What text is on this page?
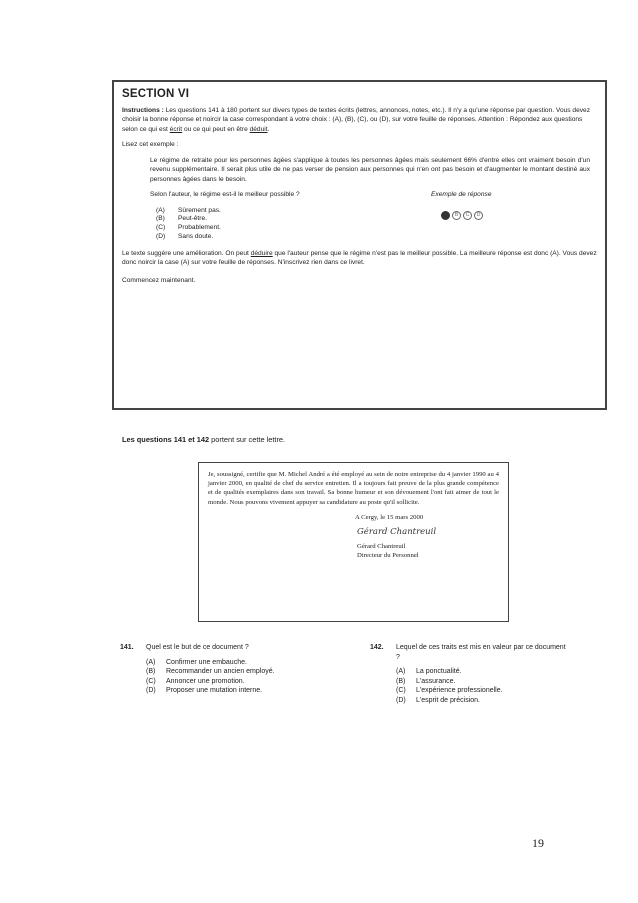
SECTION VI

Instructions : Les questions 141 à 180 portent sur divers types de textes écrits (lettres, annonces, notes, etc.). Il n'y a qu'une réponse par question. Vous devez choisir la bonne réponse et noircir la case correspondant à votre choix : (A), (B), (C), ou (D), sur votre feuille de réponses. Attention : Répondez aux questions selon ce qui est écrit ou ce qui peut en être déduit.

Lisez cet exemple :

Le régime de retraite pour les personnes âgées s'applique à toutes les personnes âgées mais seulement 66% d'entre elles ont vraiment besoin d'un revenu supplémentaire. Il serait plus utile de ne pas verser de pension aux personnes qui n'en ont pas besoin et d'augmenter le montant destiné aux personnes âgées dans le besoin.
Selon l'auteur, le régime est-il le meilleur possible ?	Exemple de réponse
(A)	Sûrement pas.
(B)	Peut-être.
(C)	Probablement.
(D)	Sans doute.
B	C	D

Le texte suggère une amélioration. On peut déduire que l'auteur pense que le régime n'est pas le meilleur possible. La meilleure réponse est donc (A). Vous devez donc noircir la case (A) sur votre feuille de réponses. N'inscrivez rien dans ce livret.

Commencez maintenant.

Les questions 141 et 142 portent sur cette lettre.

Je, soussigné, certifie que M. Michel André a été employé au sein de notre entreprise du 4 janvier 1990 au 4 janvier 2000, en qualité de chef du service entretien. Il a toujours fait preuve de la plus grande compétence et de qualités exemplaires dans son travail. Sa bonne humeur et son dévouement l'ont fait aimer de tout le monde. Nous pouvons vivement appuyer sa candidature au poste qu'il sollicite.

A Cergy, le 15 mars 2000
Gérard Chantreuil
Gérard Chantreuil
Directeur du Personnel
141.	Quel est le but de ce document ?
(A)	Confirmer une embauche.
(B)	Recommander un ancien employé.
(C)	Annoncer une promotion.
(D)	Proposer une mutation interne.
142.	Lequel de ces traits est mis en valeur par ce document ?
(A)	La ponctualité.
(B)	L'assurance.
(C)	L'expérience professionelle.
(D)	L'esprit de précision.
19
